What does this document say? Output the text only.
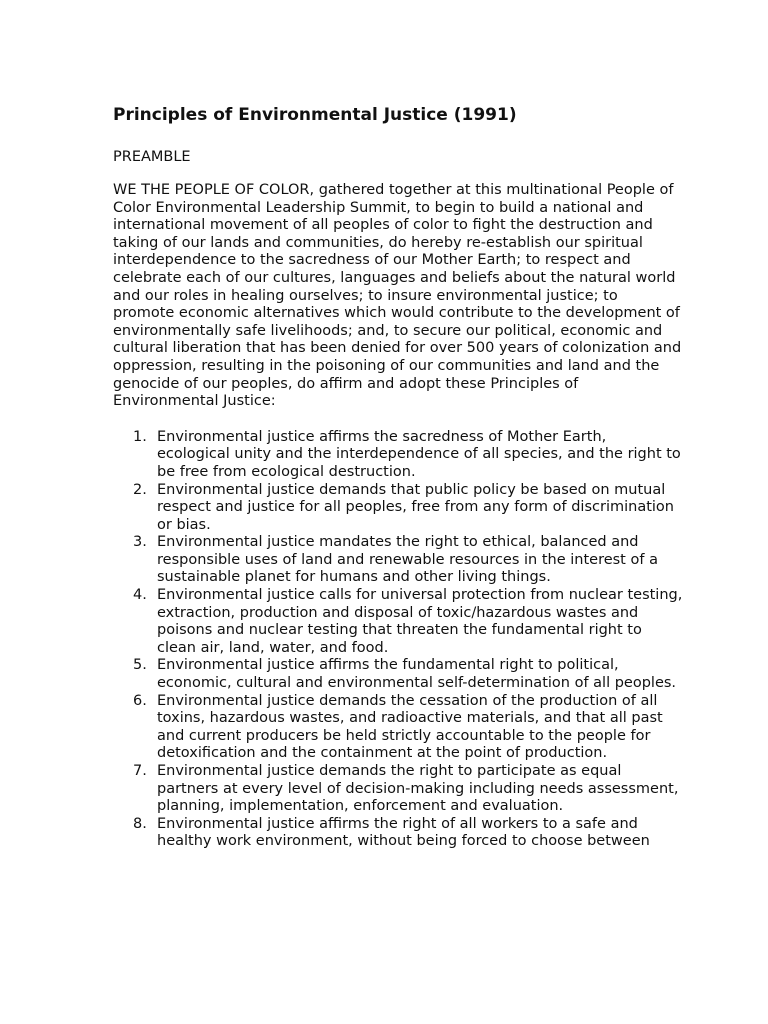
Principles of Environmental Justice (1991)
PREAMBLE

WE THE PEOPLE OF COLOR, gathered together at this multinational People of Color Environmental Leadership Summit, to begin to build a national and international movement of all peoples of color to fight the destruction and taking of our lands and communities, do hereby re-establish our spiritual interdependence to the sacredness of our Mother Earth; to respect and celebrate each of our cultures, languages and beliefs about the natural world and our roles in healing ourselves; to insure environmental justice; to promote economic alternatives which would contribute to the development of environmentally safe livelihoods; and, to secure our political, economic and cultural liberation that has been denied for over 500 years of colonization and oppression, resulting in the poisoning of our communities and land and the genocide of our peoples, do affirm and adopt these Principles of Environmental Justice:

1. Environmental justice affirms the sacredness of Mother Earth, ecological unity and the interdependence of all species, and the right to be free from ecological destruction.
2. Environmental justice demands that public policy be based on mutual respect and justice for all peoples, free from any form of discrimination or bias.
3. Environmental justice mandates the right to ethical, balanced and responsible uses of land and renewable resources in the interest of a sustainable planet for humans and other living things.
4. Environmental justice calls for universal protection from nuclear testing, extraction, production and disposal of toxic/hazardous wastes and poisons and nuclear testing that threaten the fundamental right to clean air, land, water, and food.
5. Environmental justice affirms the fundamental right to political, economic, cultural and environmental self-determination of all peoples.
6. Environmental justice demands the cessation of the production of all toxins, hazardous wastes, and radioactive materials, and that all past and current producers be held strictly accountable to the people for detoxification and the containment at the point of production.
7. Environmental justice demands the right to participate as equal partners at every level of decision-making including needs assessment, planning, implementation, enforcement and evaluation.
8. Environmental justice affirms the right of all workers to a safe and healthy work environment, without being forced to choose between
